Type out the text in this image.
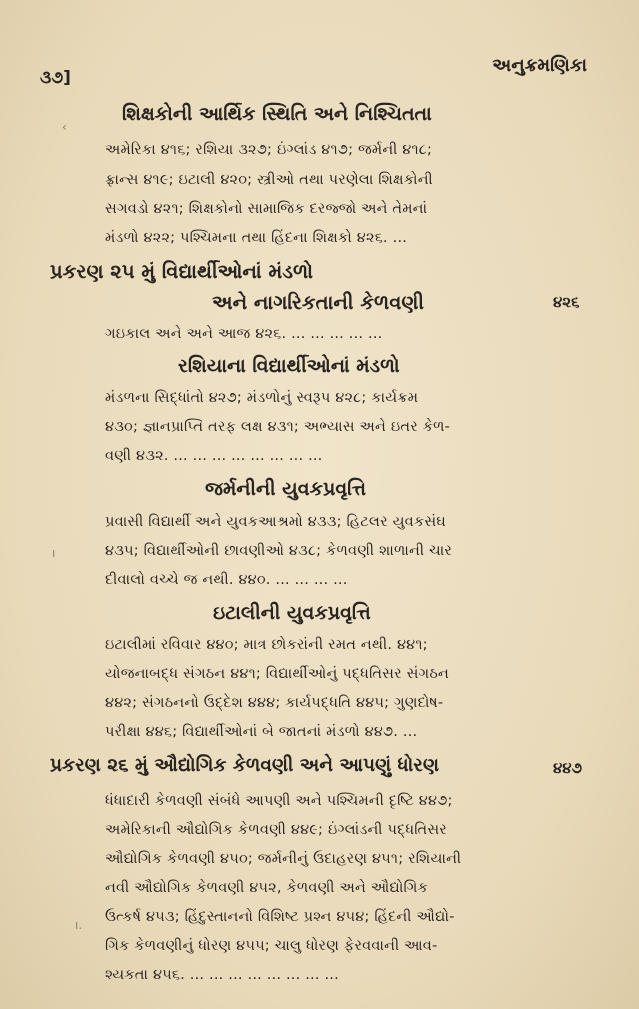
૩૭]
અનુક્રમણિકા
શિક્ષકોની આર્થિક સ્થિતિ અને નિશ્ચિતતા
અમેરિકા ૪૧૬; રશિયા ૩૨૭; ઇંગ્લાંડ ૪૧૭; જર્મની ૪૧૮;
ફ્રાન્સ ૪૧૯; ઇટાલી ૪૨૦; સ્ત્રીઓ તથા પરણેલા શિક્ષકોની
સગવડો ૪૨૧; શિક્ષકોનો સામાજિક દરજ્જો અને તેમનાં
મંડળો ૪૨૨; પશ્ચિમના તથા હિંદના શિક્ષકો ૪૨૬. ...
પ્રકરણ ૨૫ મું વિદ્યાર્થીઓનાં મંડળો
અને નાગરિકતાની કેળવણી	૪૨૬
ગઇકાલ અને અને આજ ૪૨૬. ... ... ... ... ...
રશિયાના વિદ્યાર્થીઓનાં મંડળો
મંડળના સિદ્ધાંતો ૪૨૭; મંડળોનું સ્વરૂપ ૪૨૮; કાર્યક્રમ
૪૩૦; જ્ઞાનપ્રાપ્તિ તરફ લક્ષ ૪૩૧; અભ્યાસ અને ઇતર કેળ-
વણી ૪૩૨. ... ... ... ... ... ... ... ...
જર્મનીની યુવકપ્રવૃત્તિ
પ્રવાસી વિદ્યાર્થી અને યુવકઆશ્રમો ૪૩૩; હિટલર યુવકસંઘ
૪૩૫; વિદ્યાર્થીઓની છાવણીઓ ૪૩૮; કેળવણી શાળાની ચાર
દીવાલો વચ્ચે જ નથી. ૪૪૦. ... ... ... ...
ı
ઇટાલીની યુવકપ્રવૃત્તિ
ઇટાલીમાં રવિવાર ૪૪૦; માત્ર છોકરાંની રમત નથી. ૪૪૧;
યોજનાબદ્ધ સંગઠન ૪૪૧; વિદ્યાર્થીઓનું પદ્ધતિસર સંગઠન
૪૪૨; સંગઠનનો ઉદ્દેશ ૪૪૪; કાર્યપદ્ધતિ ૪૪૫; ગુણદોષ-
પરીક્ષા ૪૪૬; વિદ્યાર્થીઓનાં બે જાતનાં મંડળો ૪૪૭. ...
પ્રકરણ ૨૬ મું ઔદ્યોગિક કેળવણી અને આપણું ધોરણ	૪૪૭
ધંધાદારી કેળવણી સંબંધે આપણી અને પશ્ચિમની દૃષ્ટિ ૪૪૭;
અમેરિકાની ઔદ્યોગિક કેળવણી ૪૪૯; ઇંગ્લાંડની પદ્ધતિસર
ઔદ્યોગિક કેળવણી ૪૫૦; જર્મનીનું ઉદાહરણ ૪૫૧; રશિયાની
નવી ઔદ્યોગિક કેળવણી ૪૫૨, કેળવણી અને ઔદ્યોગિક
ઉત્કર્ષ ૪૫૩; હિંદુસ્તાનનો વિશિષ્ટ પ્રશ્ન ૪૫૪; હિંદની ઔદ્યો-
ગિક કેળવણીનું ધોરણ ૪૫૫; ચાલુ ધોરણ ફેરવવાની આવ-
શ્યકતા ૪૫૬. ... ... ... ... ... ... ... ...
ı.
‹
